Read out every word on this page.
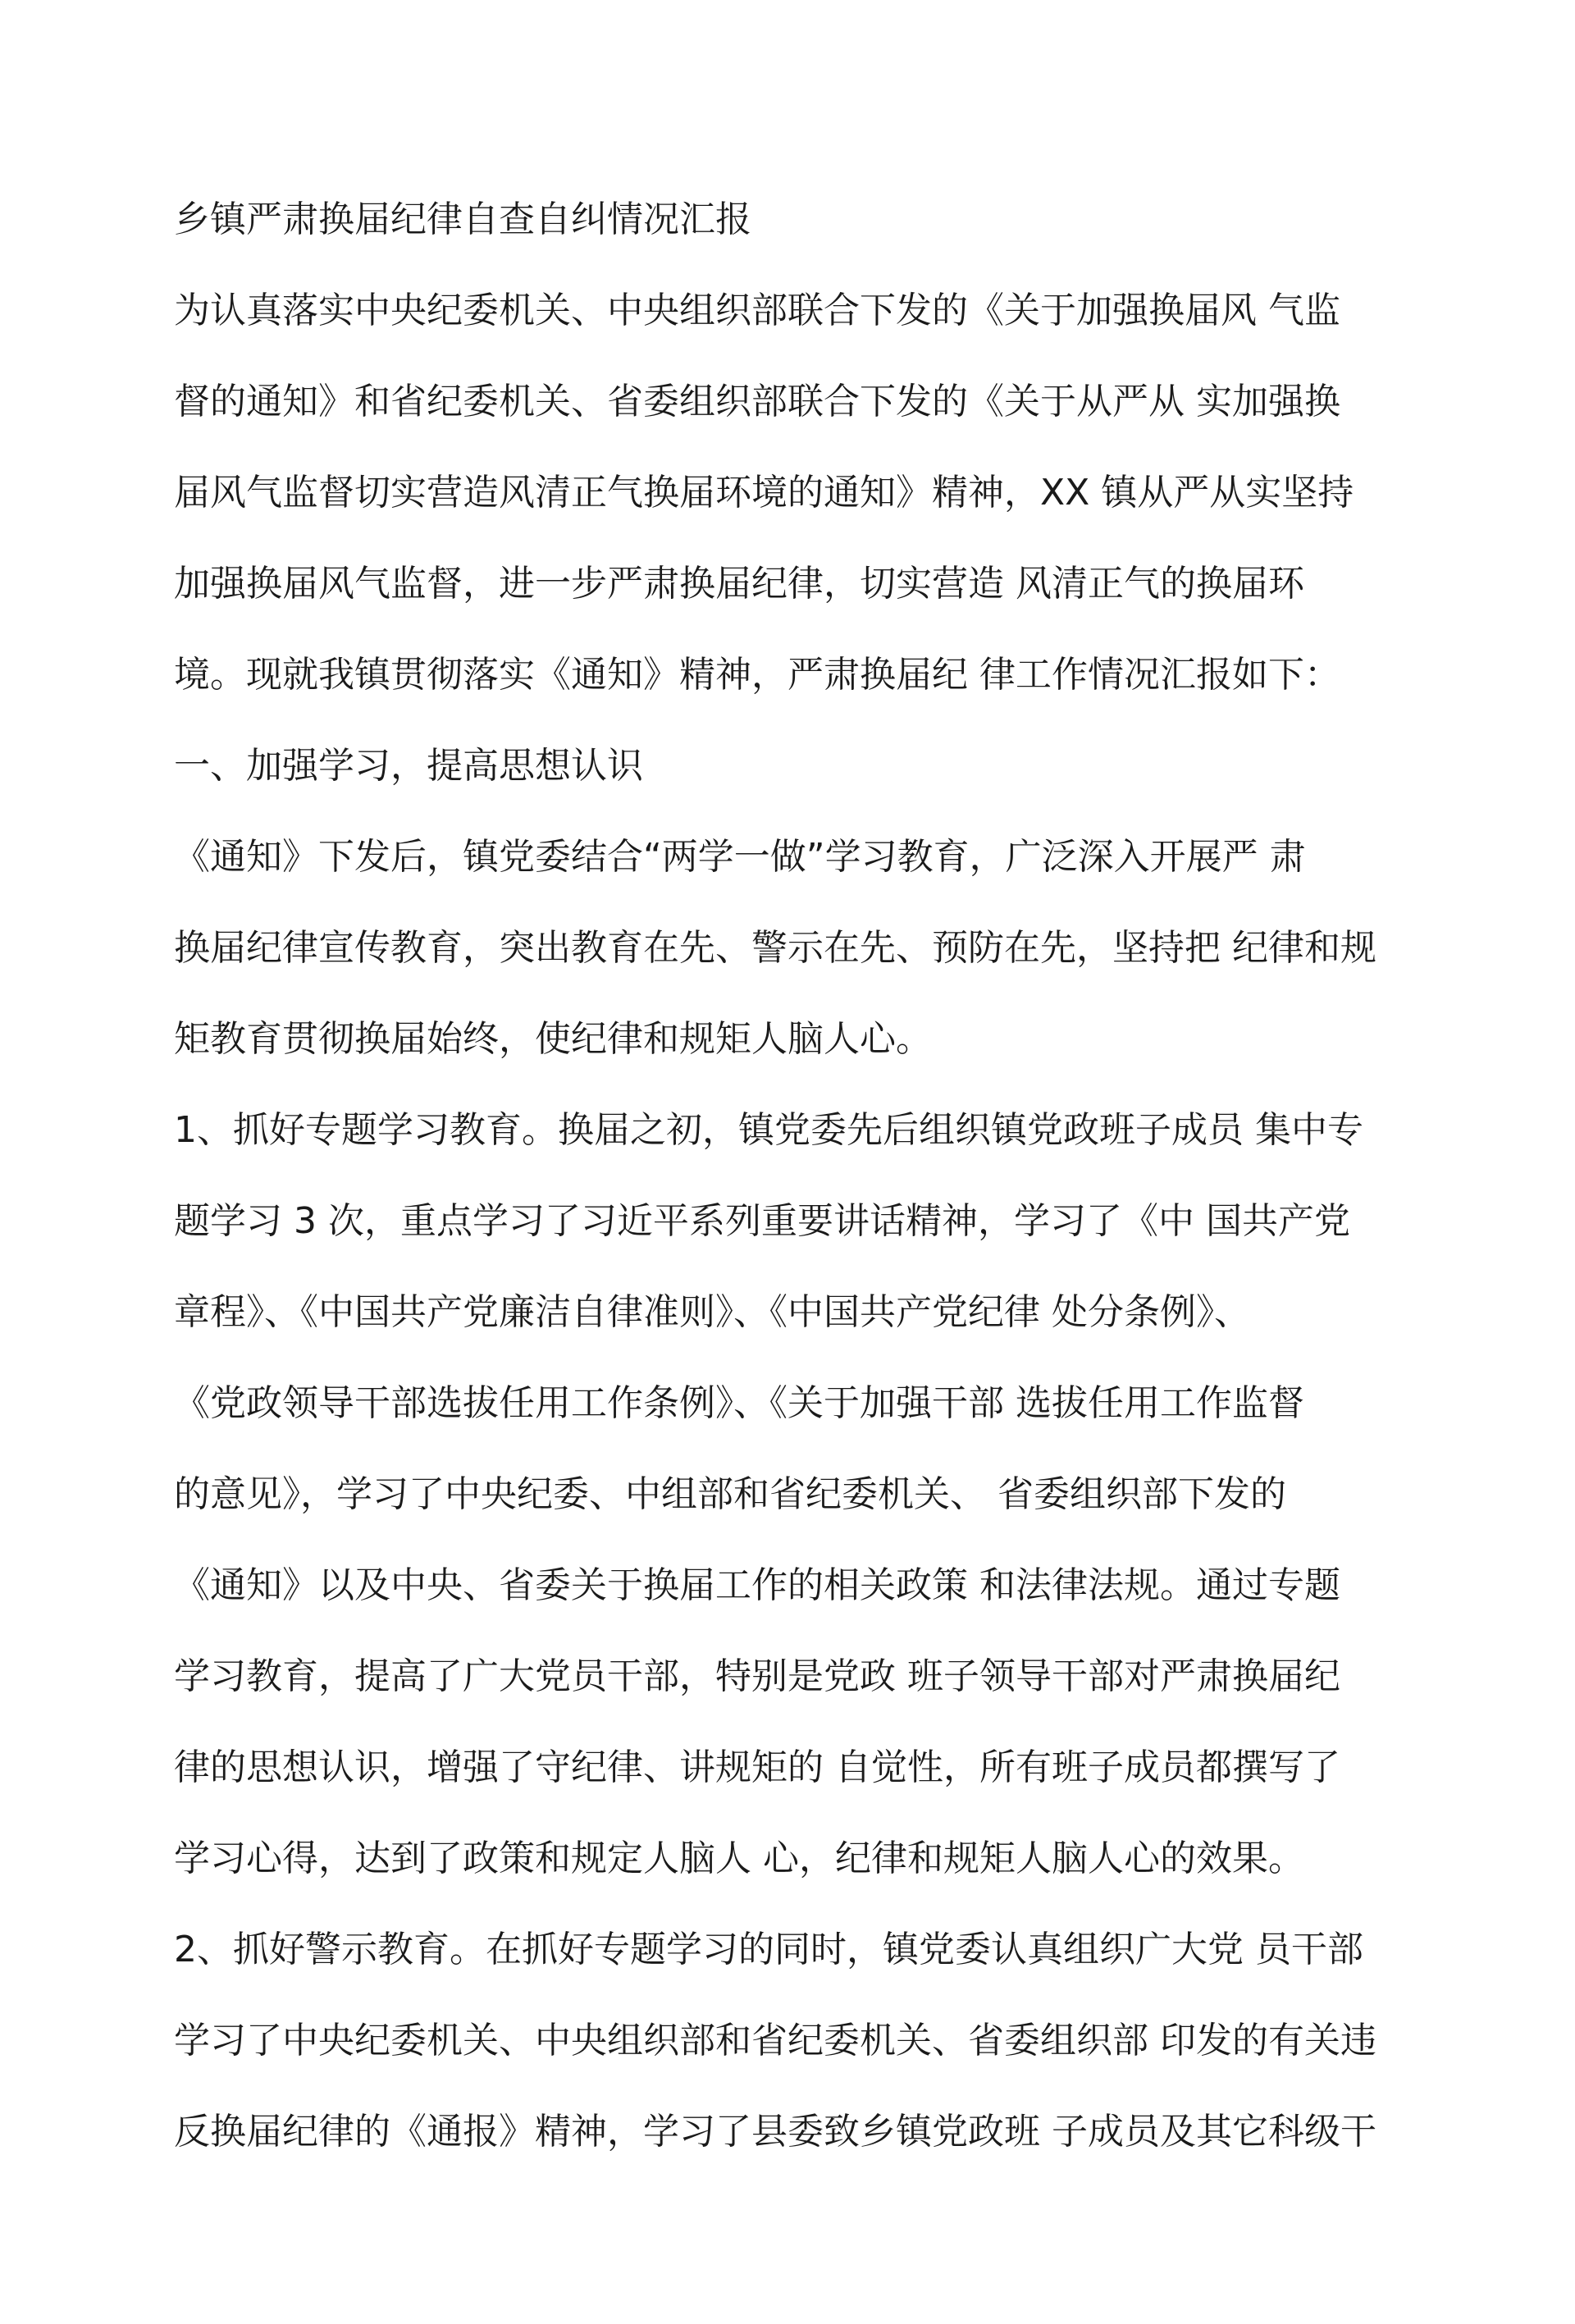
乡镇严肃换届纪律自查自纠情况汇报
为认真落实中央纪委机关、中央组织部联合下发的《关于加强换届风 气监
督的通知》和省纪委机关、省委组织部联合下发的《关于从严从 实加强换
届风气监督切实营造风清正气换届环境的通知》精神，XX 镇从严从实坚持
加强换届风气监督，进一步严肃换届纪律，切实营造 风清正气的换届环
境。现就我镇贯彻落实《通知》精神，严肃换届纪 律工作情况汇报如下：
一、加强学习，提高思想认识
《通知》下发后，镇党委结合“两学一做”学习教育，广泛深入开展严 肃
换届纪律宣传教育，突出教育在先、警示在先、预防在先，坚持把 纪律和规
矩教育贯彻换届始终，使纪律和规矩人脑人心。
1、抓好专题学习教育。换届之初，镇党委先后组织镇党政班子成员 集中专
题学习 3 次，重点学习了习近平系列重要讲话精神，学习了《中 国共产党
章程》、《中国共产党廉洁自律准则》、《中国共产党纪律 处分条例》、
《党政领导干部选拔任用工作条例》、《关于加强干部 选拔任用工作监督
的意见》，学习了中央纪委、中组部和省纪委机关、 省委组织部下发的
《通知》以及中央、省委关于换届工作的相关政策 和法律法规。通过专题
学习教育，提高了广大党员干部，特别是党政 班子领导干部对严肃换届纪
律的思想认识，增强了守纪律、讲规矩的 自觉性，所有班子成员都撰写了
学习心得，达到了政策和规定人脑人 心，纪律和规矩人脑人心的效果。
2、抓好警示教育。在抓好专题学习的同时，镇党委认真组织广大党 员干部
学习了中央纪委机关、中央组织部和省纪委机关、省委组织部 印发的有关违
反换届纪律的《通报》精神，学习了县委致乡镇党政班 子成员及其它科级干
